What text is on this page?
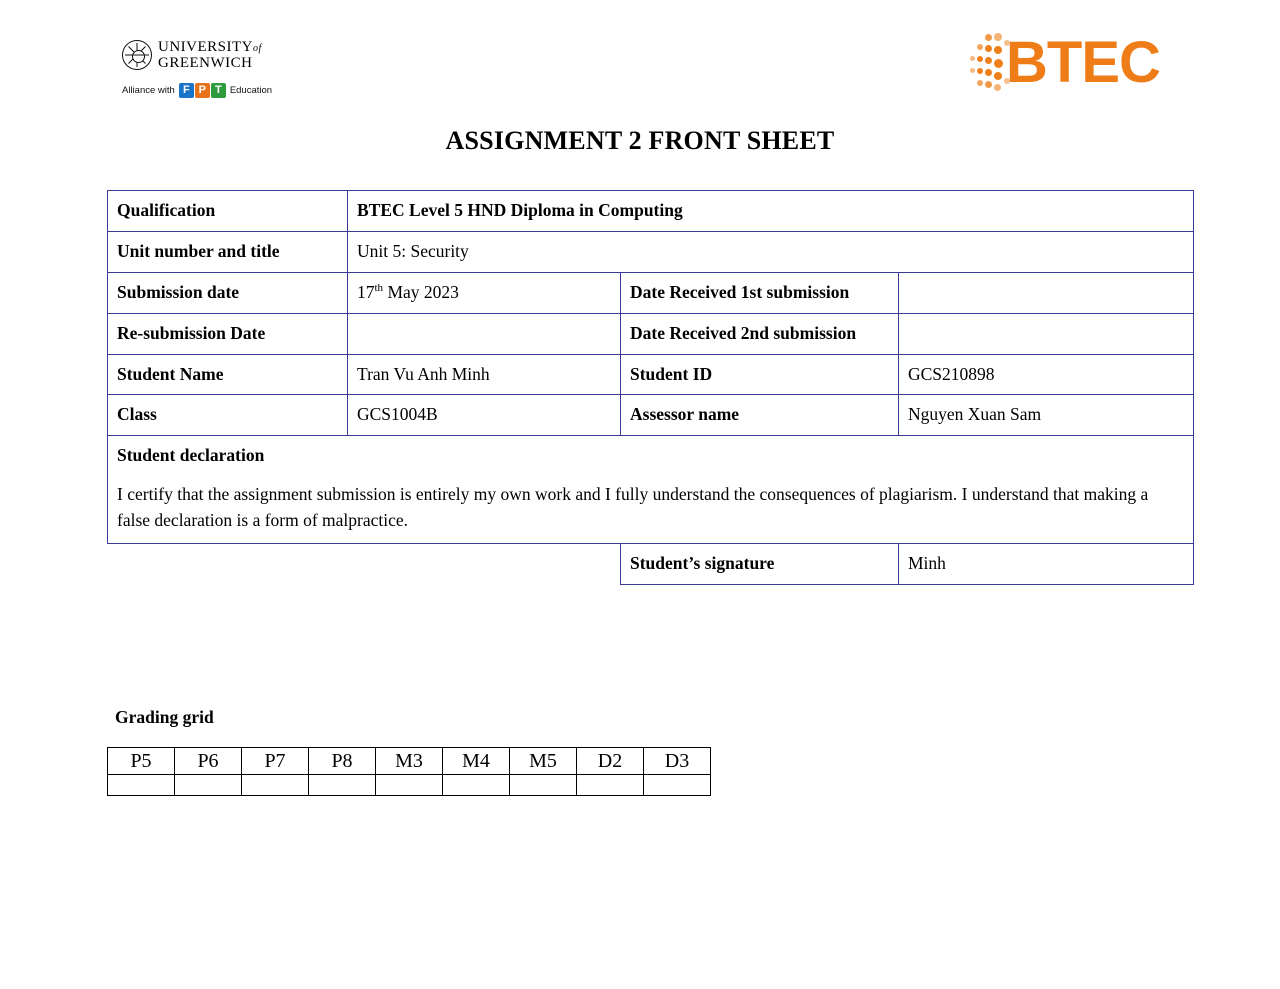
UNIVERSITYof
GREENWICH
Alliance with F P T Education	BTEC
ASSIGNMENT 2 FRONT SHEET
Qualification	BTEC Level 5 HND Diploma in Computing		
Unit number and title	Unit 5: Security		
Submission date	17th May 2023	Date Received 1st submission	
Re-submission Date		Date Received 2nd submission	
Student Name	Tran Vu Anh Minh	Student ID	GCS210898
Class	GCS1004B	Assessor name	Nguyen Xuan Sam

Student declaration
I certify that the assignment submission is entirely my own work and I fully understand the consequences of plagiarism. I understand that making a false declaration is a form of malpractice.			

		Student’s signature	Minh
Grading grid
P5	P6	P7	P8	M3	M4	M5	D2	D3
